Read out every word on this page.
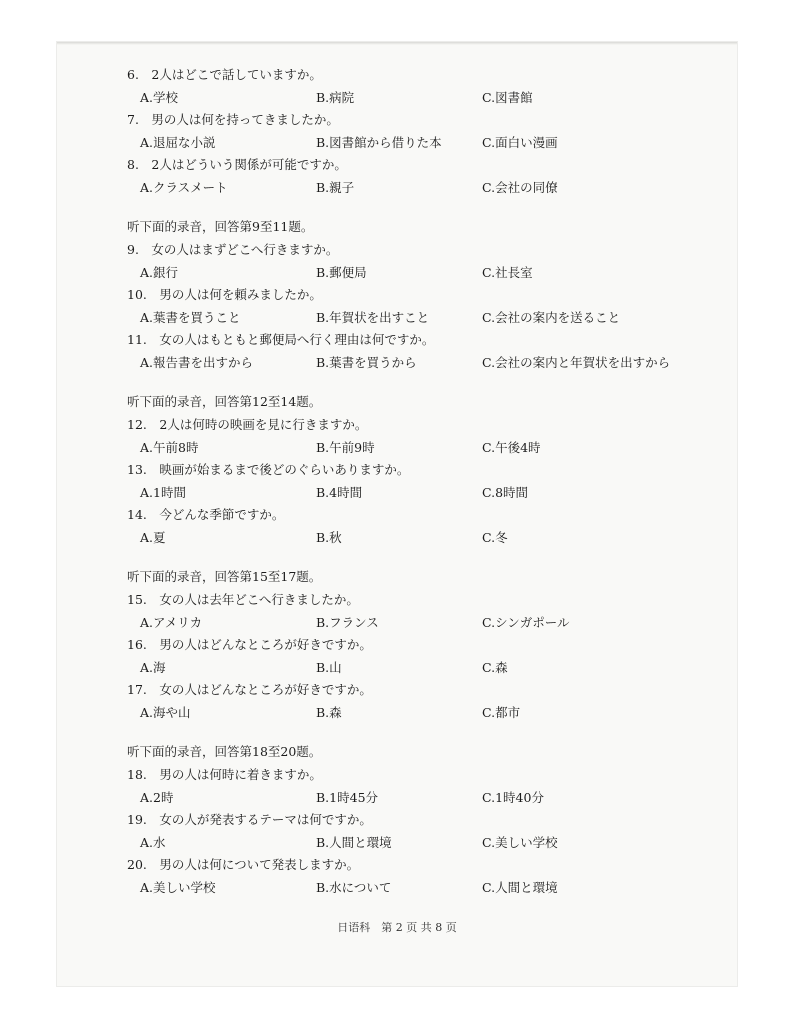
6.　2人はどこで話していますか。
A.学校	B.病院	C.図書館
7.　男の人は何を持ってきましたか。
A.退屈な小説	B.図書館から借りた本	C.面白い漫画
8.　2人はどういう関係が可能ですか。
A.クラスメート	B.親子	C.会社の同僚
听下面的录音，回答第9至11题。
9.　女の人はまずどこへ行きますか。
A.銀行	B.郵便局	C.社長室
10.　男の人は何を頼みましたか。
A.葉書を買うこと	B.年賀状を出すこと	C.会社の案内を送ること
11.　女の人はもともと郵便局へ行く理由は何ですか。
A.報告書を出すから	B.葉書を買うから	C.会社の案内と年賀状を出すから
听下面的录音，回答第12至14题。
12.　2人は何時の映画を見に行きますか。
A.午前8時	B.午前9時	C.午後4時
13.　映画が始まるまで後どのぐらいありますか。
A.1時間	B.4時間	C.8時間
14.　今どんな季節ですか。
A.夏	B.秋	C.冬
听下面的录音，回答第15至17题。
15.　女の人は去年どこへ行きましたか。
A.アメリカ	B.フランス	C.シンガポール
16.　男の人はどんなところが好きですか。
A.海	B.山	C.森
17.　女の人はどんなところが好きですか。
A.海や山	B.森	C.都市
听下面的录音，回答第18至20题。
18.　男の人は何時に着きますか。
A.2時	B.1時45分	C.1時40分
19.　女の人が発表するテーマは何ですか。
A.水	B.人間と環境	C.美しい学校
20.　男の人は何について発表しますか。
A.美しい学校	B.水について	C.人間と環境
日语科　第 2 页 共 8 页
